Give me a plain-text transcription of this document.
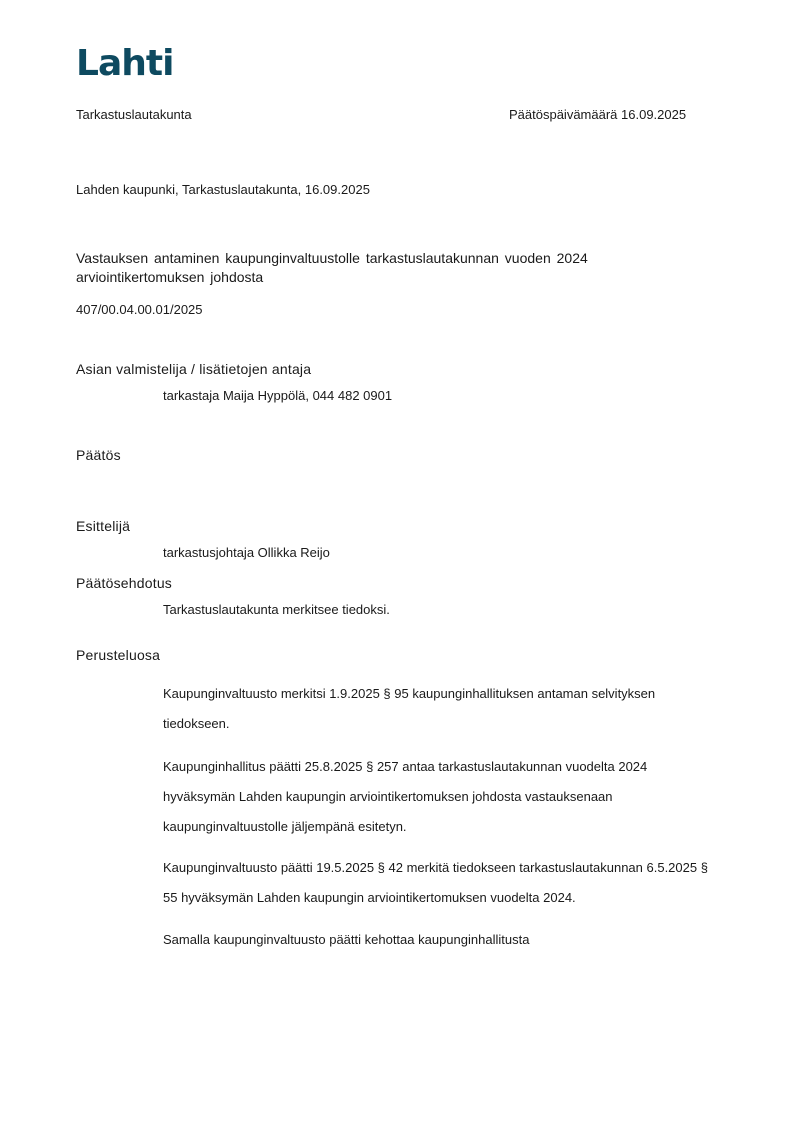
Lahti
Tarkastuslautakunta	Päätöspäivämäärä 16.09.2025
Lahden kaupunki, Tarkastuslautakunta, 16.09.2025
Vastauksen antaminen kaupunginvaltuustolle tarkastuslautakunnan vuoden 2024 arviointikertomuksen johdosta
407/00.04.00.01/2025
Asian valmistelija / lisätietojen antaja
tarkastaja Maija Hyppölä, 044 482 0901
Päätös
Esittelijä
tarkastusjohtaja Ollikka Reijo
Päätösehdotus
Tarkastuslautakunta merkitsee tiedoksi.
Perusteluosa
Kaupunginvaltuusto merkitsi 1.9.2025 § 95 kaupunginhallituksen antaman selvityksen tiedokseen.
Kaupunginhallitus päätti 25.8.2025 § 257 antaa tarkastuslautakunnan vuodelta 2024 hyväksymän Lahden kaupungin arviointikertomuksen johdosta vastauksenaan kaupunginvaltuustolle jäljempänä esitetyn.
Kaupunginvaltuusto päätti 19.5.2025 § 42 merkitä tiedokseen tarkastuslautakunnan 6.5.2025 § 55 hyväksymän Lahden kaupungin arviointikertomuksen vuodelta 2024.
Samalla kaupunginvaltuusto päätti kehottaa kaupunginhallitusta
